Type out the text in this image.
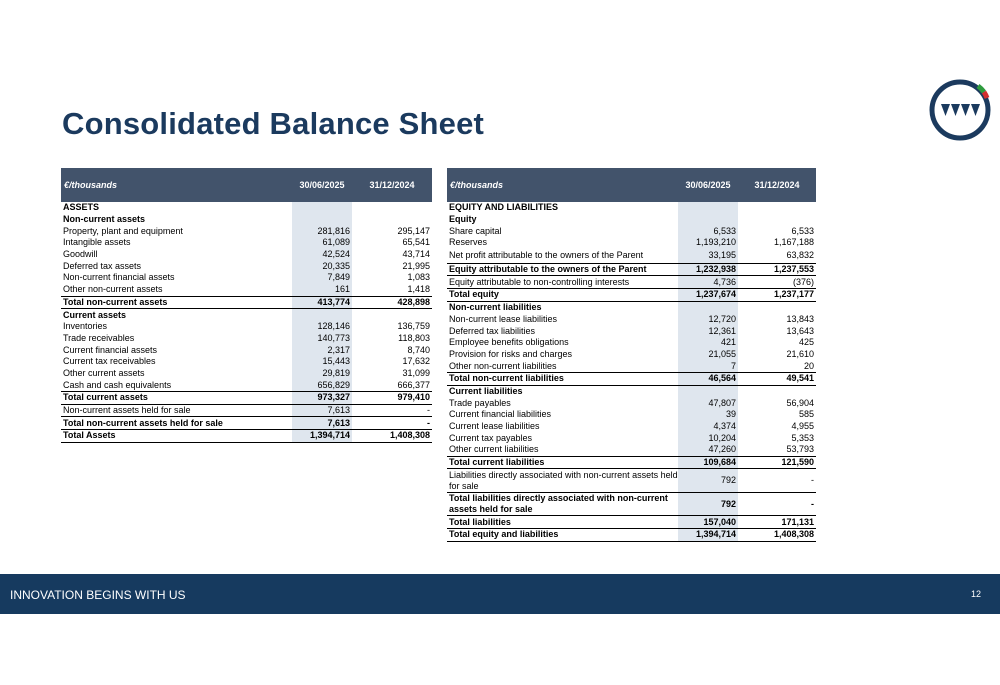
Consolidated Balance Sheet
€/thousands	30/06/2025	31/12/2024
ASSETS		
Non-current assets		
Property, plant and equipment	281,816	295,147
Intangible assets	61,089	65,541
Goodwill	42,524	43,714
Deferred tax assets	20,335	21,995
Non-current financial assets	7,849	1,083
Other non-current assets	161	1,418
Total non-current assets	413,774	428,898
Current assets		
Inventories	128,146	136,759
Trade receivables	140,773	118,803
Current financial assets	2,317	8,740
Current tax receivables	15,443	17,632
Other current assets	29,819	31,099
Cash and cash equivalents	656,829	666,377
Total current assets	973,327	979,410
Non-current assets held for sale	7,613	-
Total non-current assets held for sale	7,613	-
Total Assets	1,394,714	1,408,308
€/thousands	30/06/2025	31/12/2024
EQUITY AND LIABILITIES		
Equity		
Share capital	6,533	6,533
Reserves	1,193,210	1,167,188
Net profit attributable to the owners of the Parent	33,195	63,832
Equity attributable to the owners of the Parent	1,232,938	1,237,553
Equity attributable to non-controlling interests	4,736	(376)
Total equity	1,237,674	1,237,177
Non-current liabilities		
Non-current lease liabilities	12,720	13,843
Deferred tax liabilities	12,361	13,643
Employee benefits obligations	421	425
Provision for risks and charges	21,055	21,610
Other non-current liabilities	7	20
Total non-current liabilities	46,564	49,541
Current liabilities		
Trade payables	47,807	56,904
Current financial liabilities	39	585
Current lease liabilities	4,374	4,955
Current tax payables	10,204	5,353
Other current liabilities	47,260	53,793
Total current liabilities	109,684	121,590
Liabilities directly associated with non-current assets held for sale	792	-
Total liabilities directly associated with non-current assets held for sale	792	-
Total liabilities	157,040	171,131
Total equity and liabilities	1,394,714	1,408,308
INNOVATION BEGINS WITH US	12
